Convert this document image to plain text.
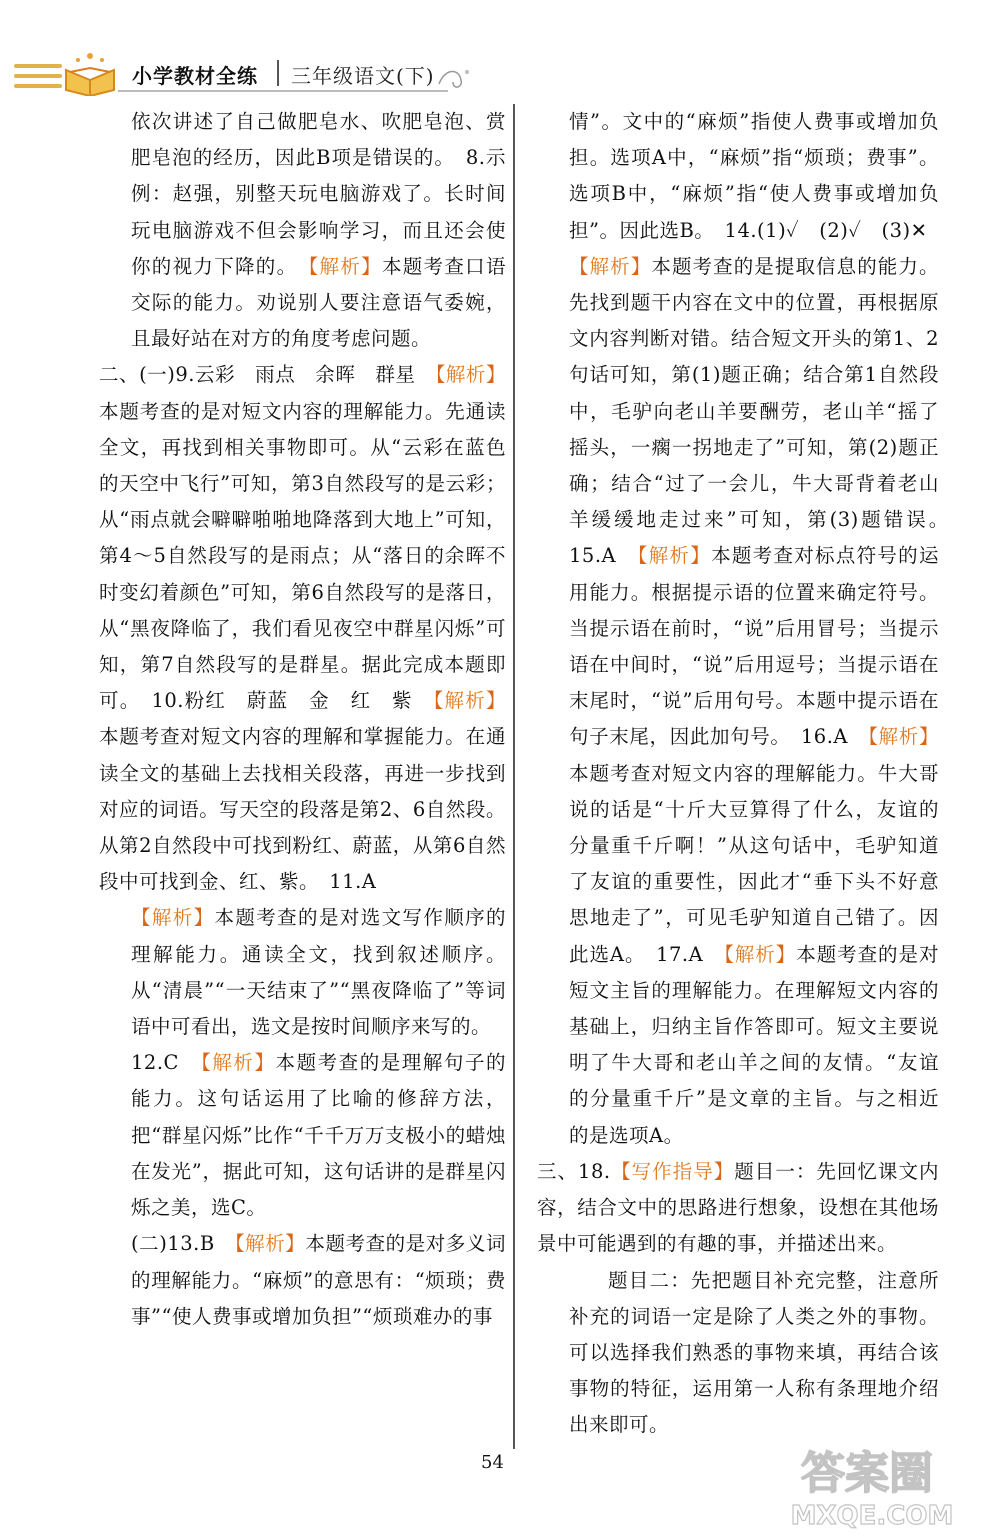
小学教材全练 三年级语文(下)

依次讲述了自己做肥皂水、吹肥皂泡、赏肥皂泡的经历，因此B项是错误的。　8.示例：赵强，别整天玩电脑游戏了。长时间玩电脑游戏不但会影响学习，而且还会使你的视力下降的。　【解析】本题考查口语交际的能力。劝说别人要注意语气委婉，且最好站在对方的角度考虑问题。

二、(一)9.云彩　雨点　余晖　群星　【解析】本题考查的是对短文内容的理解能力。先通读全文，再找到相关事物即可。从“云彩在蓝色的天空中飞行”可知，第3自然段写的是云彩；从“雨点就会噼噼啪啪地降落到大地上”可知，第4～5自然段写的是雨点；从“落日的余晖不时变幻着颜色”可知，第6自然段写的是落日，从“黑夜降临了，我们看见夜空中群星闪烁”可知，第7自然段写的是群星。据此完成本题即可。　10.粉红　蔚蓝　金　红　紫　【解析】本题考查对短文内容的理解和掌握能力。在通读全文的基础上去找相关段落，再进一步找到对应的词语。写天空的段落是第2、6自然段。从第2自然段中可找到粉红、蔚蓝，从第6自然段中可找到金、红、紫。　11.A

【解析】本题考查的是对选文写作顺序的理解能力。通读全文，找到叙述顺序。从“清晨”“一天结束了”“黑夜降临了”等词语中可看出，选文是按时间顺序来写的。

12.C　【解析】本题考查的是理解句子的能力。这句话运用了比喻的修辞方法，把“群星闪烁”比作“千千万万支极小的蜡烛在发光”，据此可知，这句话讲的是群星闪烁之美，选C。

(二)13.B　【解析】本题考查的是对多义词的理解能力。“麻烦”的意思有：“烦琐；费事”“使人费事或增加负担”“烦琐难办的事

情”。文中的“麻烦”指使人费事或增加负担。选项A中，“麻烦”指“烦琐；费事”。选项B中，“麻烦”指“使人费事或增加负担”。因此选B。　14.(1)✓　(2)✓　(3)✕

【解析】本题考查的是提取信息的能力。先找到题干内容在文中的位置，再根据原文内容判断对错。结合短文开头的第1、2句话可知，第(1)题正确；结合第1自然段中，毛驴向老山羊要酬劳，老山羊“摇了摇头，一瘸一拐地走了”可知，第(2)题正确；结合“过了一会儿，牛大哥背着老山羊缓缓地走过来”可知，第(3)题错误。　15.A　【解析】本题考查对标点符号的运用能力。根据提示语的位置来确定符号。当提示语在前时，“说”后用冒号；当提示语在中间时，“说”后用逗号；当提示语在末尾时，“说”后用句号。本题中提示语在句子末尾，因此加句号。　16.A　【解析】本题考查对短文内容的理解能力。牛大哥说的话是“十斤大豆算得了什么，友谊的分量重千斤啊！”从这句话中，毛驴知道了友谊的重要性，因此才“垂下头不好意思地走了”，可见毛驴知道自己错了。因此选A。　17.A　【解析】本题考查的是对短文主旨的理解能力。在理解短文内容的基础上，归纳主旨作答即可。短文主要说明了牛大哥和老山羊之间的友情。“友谊的分量重千斤”是文章的主旨。与之相近的是选项A。

三、18.【写作指导】题目一：先回忆课文内容，结合文中的思路进行想象，设想在其他场景中可能遇到的有趣的事，并描述出来。

题目二：先把题目补充完整，注意所补充的词语一定是除了人类之外的事物。可以选择我们熟悉的事物来填，再结合该事物的特征，运用第一人称有条理地介绍出来即可。

54	答案圈
MXQE.COM
